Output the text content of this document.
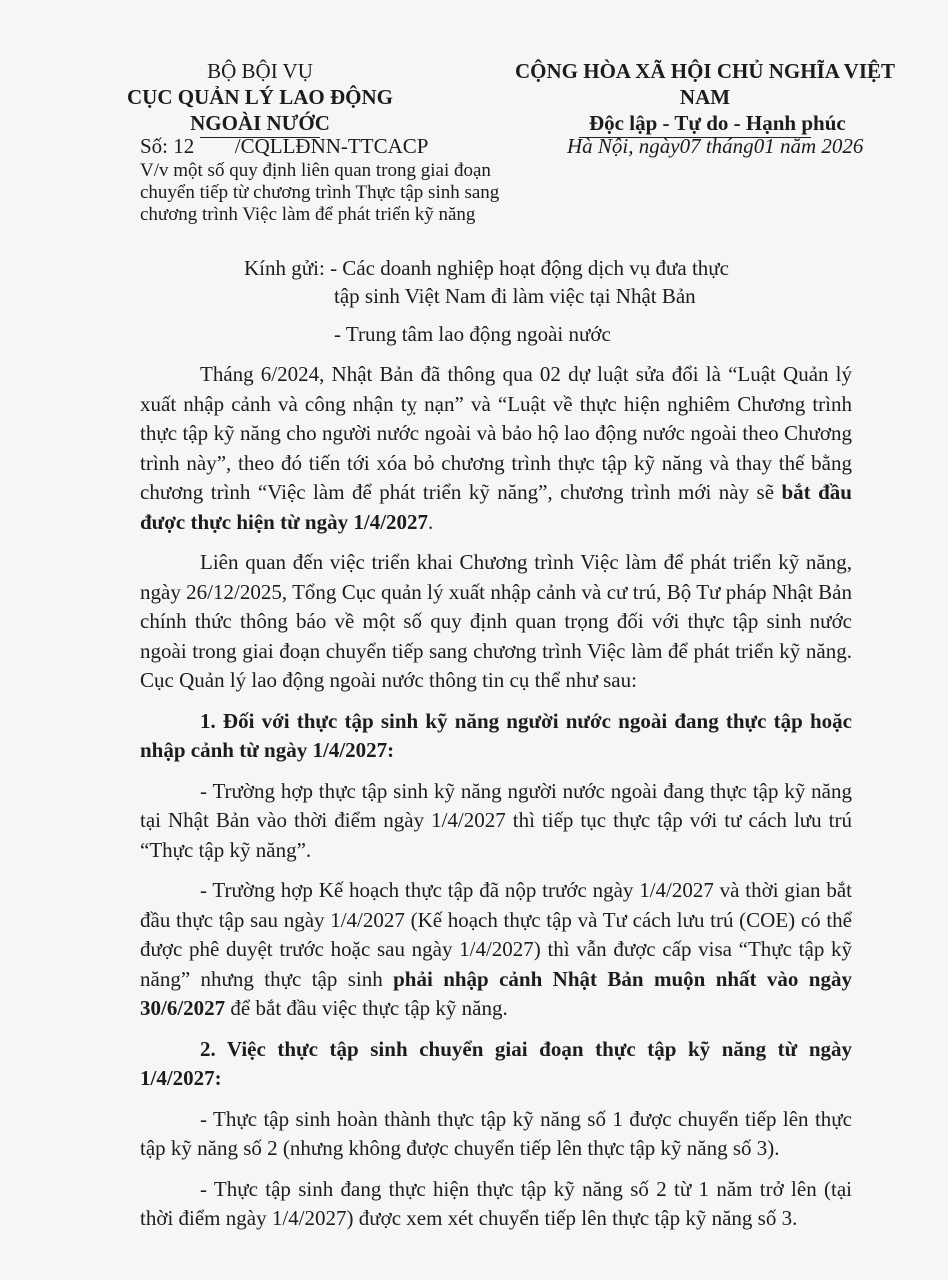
BỘ BỘI VỤ
CỤC QUẢN LÝ LAO ĐỘNG
NGOÀI NƯỚC
CỘNG HÒA XÃ HỘI CHỦ NGHĨA VIỆT NAM
Độc lập - Tự do - Hạnh phúc
Số: 12 /CQLLĐNN-TTCACP	Hà Nội, ngày07 tháng01 năm 2026
V/v một số quy định liên quan trong giai đoạn
chuyển tiếp từ chương trình Thực tập sinh sang
chương trình Việc làm để phát triển kỹ năng
Kính gửi: - Các doanh nghiệp hoạt động dịch vụ đưa thực
tập sinh Việt Nam đi làm việc tại Nhật Bản
- Trung tâm lao động ngoài nước

Tháng 6/2024, Nhật Bản đã thông qua 02 dự luật sửa đổi là “Luật Quản lý xuất nhập cảnh và công nhận tỵ nạn” và “Luật về thực hiện nghiêm Chương trình thực tập kỹ năng cho người nước ngoài và bảo hộ lao động nước ngoài theo Chương trình này”, theo đó tiến tới xóa bỏ chương trình thực tập kỹ năng và thay thế bằng chương trình “Việc làm để phát triển kỹ năng”, chương trình mới này sẽ bắt đầu được thực hiện từ ngày 1/4/2027.

Liên quan đến việc triển khai Chương trình Việc làm để phát triển kỹ năng, ngày 26/12/2025, Tổng Cục quản lý xuất nhập cảnh và cư trú, Bộ Tư pháp Nhật Bản chính thức thông báo về một số quy định quan trọng đối với thực tập sinh nước ngoài trong giai đoạn chuyển tiếp sang chương trình Việc làm để phát triển kỹ năng. Cục Quản lý lao động ngoài nước thông tin cụ thể như sau:

1. Đối với thực tập sinh kỹ năng người nước ngoài đang thực tập hoặc nhập cảnh từ ngày 1/4/2027:

- Trường hợp thực tập sinh kỹ năng người nước ngoài đang thực tập kỹ năng tại Nhật Bản vào thời điểm ngày 1/4/2027 thì tiếp tục thực tập với tư cách lưu trú “Thực tập kỹ năng”.

- Trường hợp Kế hoạch thực tập đã nộp trước ngày 1/4/2027 và thời gian bắt đầu thực tập sau ngày 1/4/2027 (Kế hoạch thực tập và Tư cách lưu trú (COE) có thể được phê duyệt trước hoặc sau ngày 1/4/2027) thì vẫn được cấp visa “Thực tập kỹ năng” nhưng thực tập sinh phải nhập cảnh Nhật Bản muộn nhất vào ngày 30/6/2027 để bắt đầu việc thực tập kỹ năng.

2. Việc thực tập sinh chuyển giai đoạn thực tập kỹ năng từ ngày 1/4/2027:

- Thực tập sinh hoàn thành thực tập kỹ năng số 1 được chuyển tiếp lên thực tập kỹ năng số 2 (nhưng không được chuyển tiếp lên thực tập kỹ năng số 3).

- Thực tập sinh đang thực hiện thực tập kỹ năng số 2 từ 1 năm trở lên (tại thời điểm ngày 1/4/2027) được xem xét chuyển tiếp lên thực tập kỹ năng số 3.
